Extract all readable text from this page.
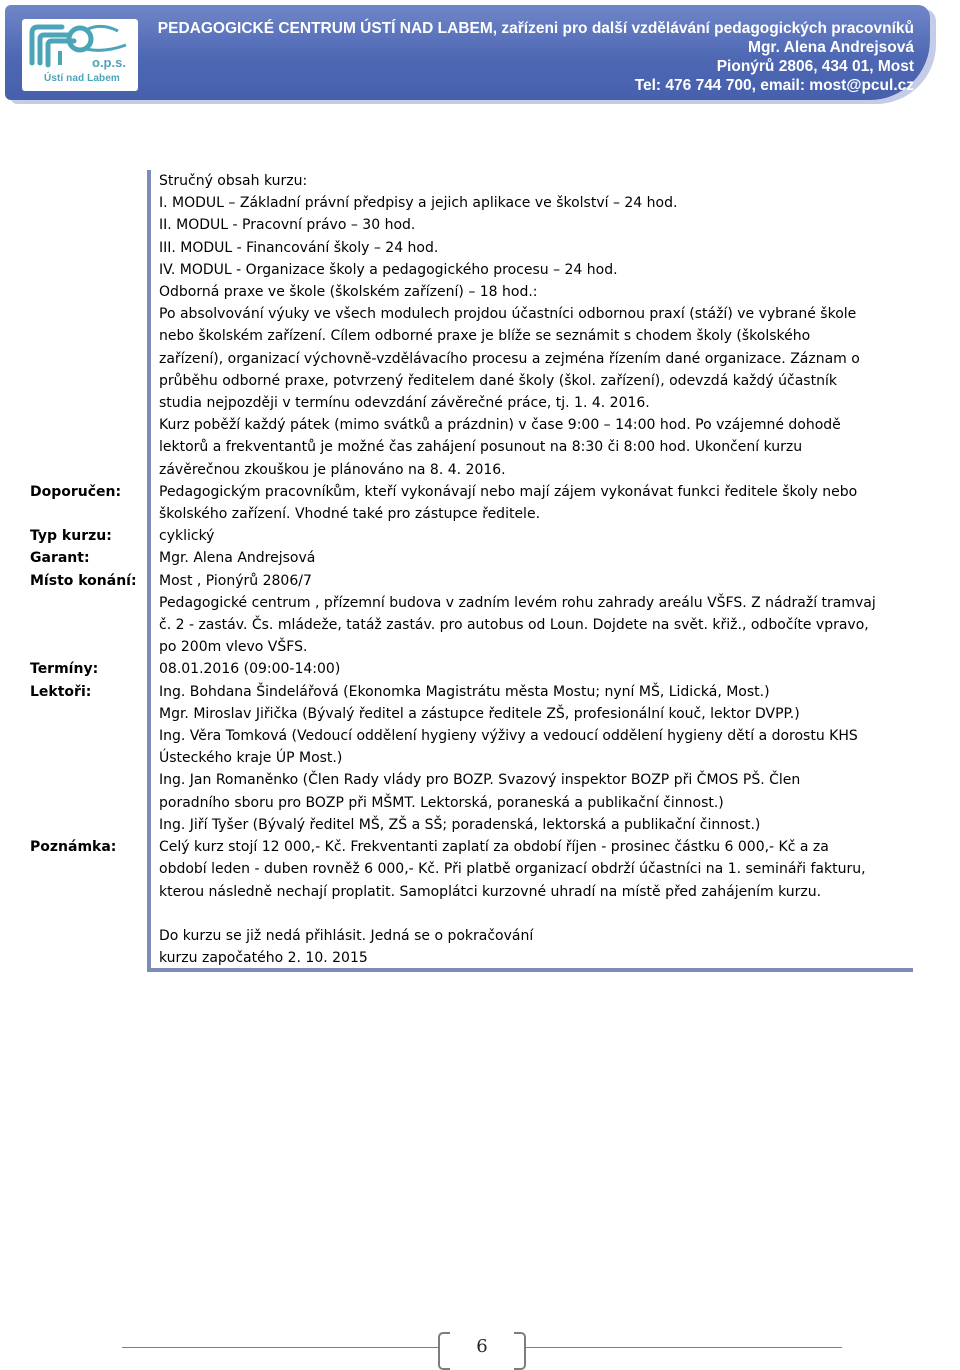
o.p.s.
Ústí nad Labem
PEDAGOGICKÉ CENTRUM ÚSTÍ NAD LABEM, zařízeni pro další vzdělávání pedagogických pracovníků
Mgr. Alena Andrejsová
Pionýrů 2806, 434 01, Most
Tel: 476 744 700, email: most@pcul.cz

Stručný obsah kurzu:

I. MODUL – Základní právní předpisy a jejich aplikace ve školství – 24 hod.

II. MODUL - Pracovní právo – 30 hod.

III. MODUL - Financování školy – 24 hod.

IV. MODUL - Organizace školy a pedagogického procesu – 24 hod.

Odborná praxe ve škole (školském zařízení) – 18 hod.:

Po absolvování výuky ve všech modulech projdou účastníci odbornou praxí (stáží) ve vybrané škole

nebo školském zařízení. Cílem odborné praxe je blíže se seznámit s chodem školy (školského

zařízení), organizací výchovně-vzdělávacího procesu a zejména řízením dané organizace. Záznam o

průběhu odborné praxe, potvrzený ředitelem dané školy (škol. zařízení), odevzdá každý účastník

studia nejpozději v termínu odevzdání závěrečné práce, tj. 1. 4. 2016.

Kurz poběží každý pátek (mimo svátků a prázdnin) v čase 9:00 – 14:00 hod. Po vzájemné dohodě

lektorů a frekventantů je možné čas zahájení posunout na 8:30 či 8:00 hod. Ukončení kurzu

závěrečnou zkouškou je plánováno na 8. 4. 2016.

Doporučen:	Pedagogickým pracovníkům, kteří vykonávají nebo mají zájem vykonávat funkci ředitele školy nebo

školského zařízení. Vhodné také pro zástupce ředitele.

Typ kurzu:	cyklický
Garant:	Mgr. Alena Andrejsová
Místo konání:	Most , Pionýrů 2806/7

Pedagogické centrum , přízemní budova v zadním levém rohu zahrady areálu VŠFS. Z nádraží tramvaj

č. 2 - zastáv. Čs. mládeže, tatáž zastáv. pro autobus od Loun. Dojdete na svět. křiž., odbočíte vpravo,

po 200m vlevo VŠFS.

Termíny:	08.01.2016 (09:00-14:00)
Lektoři:	Ing. Bohdana Šindelářová (Ekonomka Magistrátu města Mostu; nyní MŠ, Lidická, Most.)

Mgr. Miroslav Jiřička (Bývalý ředitel a zástupce ředitele ZŠ, profesionální kouč, lektor DVPP.)

Ing. Věra Tomková (Vedoucí oddělení hygieny výživy a vedoucí oddělení hygieny dětí a dorostu KHS

Ústeckého kraje ÚP Most.)

Ing. Jan Romaněnko (Člen Rady vlády pro BOZP. Svazový inspektor BOZP při ČMOS PŠ. Člen

poradního sboru pro BOZP při MŠMT. Lektorská, poraneská a publikační činnost.)

Ing. Jiří Tyšer (Bývalý ředitel MŠ, ZŠ a SŠ; poradenská, lektorská a publikační činnost.)

Poznámka:	Celý kurz stojí 12 000,- Kč. Frekventanti zaplatí za období říjen - prosinec částku 6 000,- Kč a za

období leden - duben rovněž 6 000,- Kč. Při platbě organizací obdrží účastníci na 1. semináři fakturu,

kterou následně nechají proplatit. Samoplátci kurzovné uhradí na místě před zahájením kurzu.

Do kurzu se již nedá přihlásit. Jedná se o pokračování

kurzu započatého 2. 10. 2015

6
